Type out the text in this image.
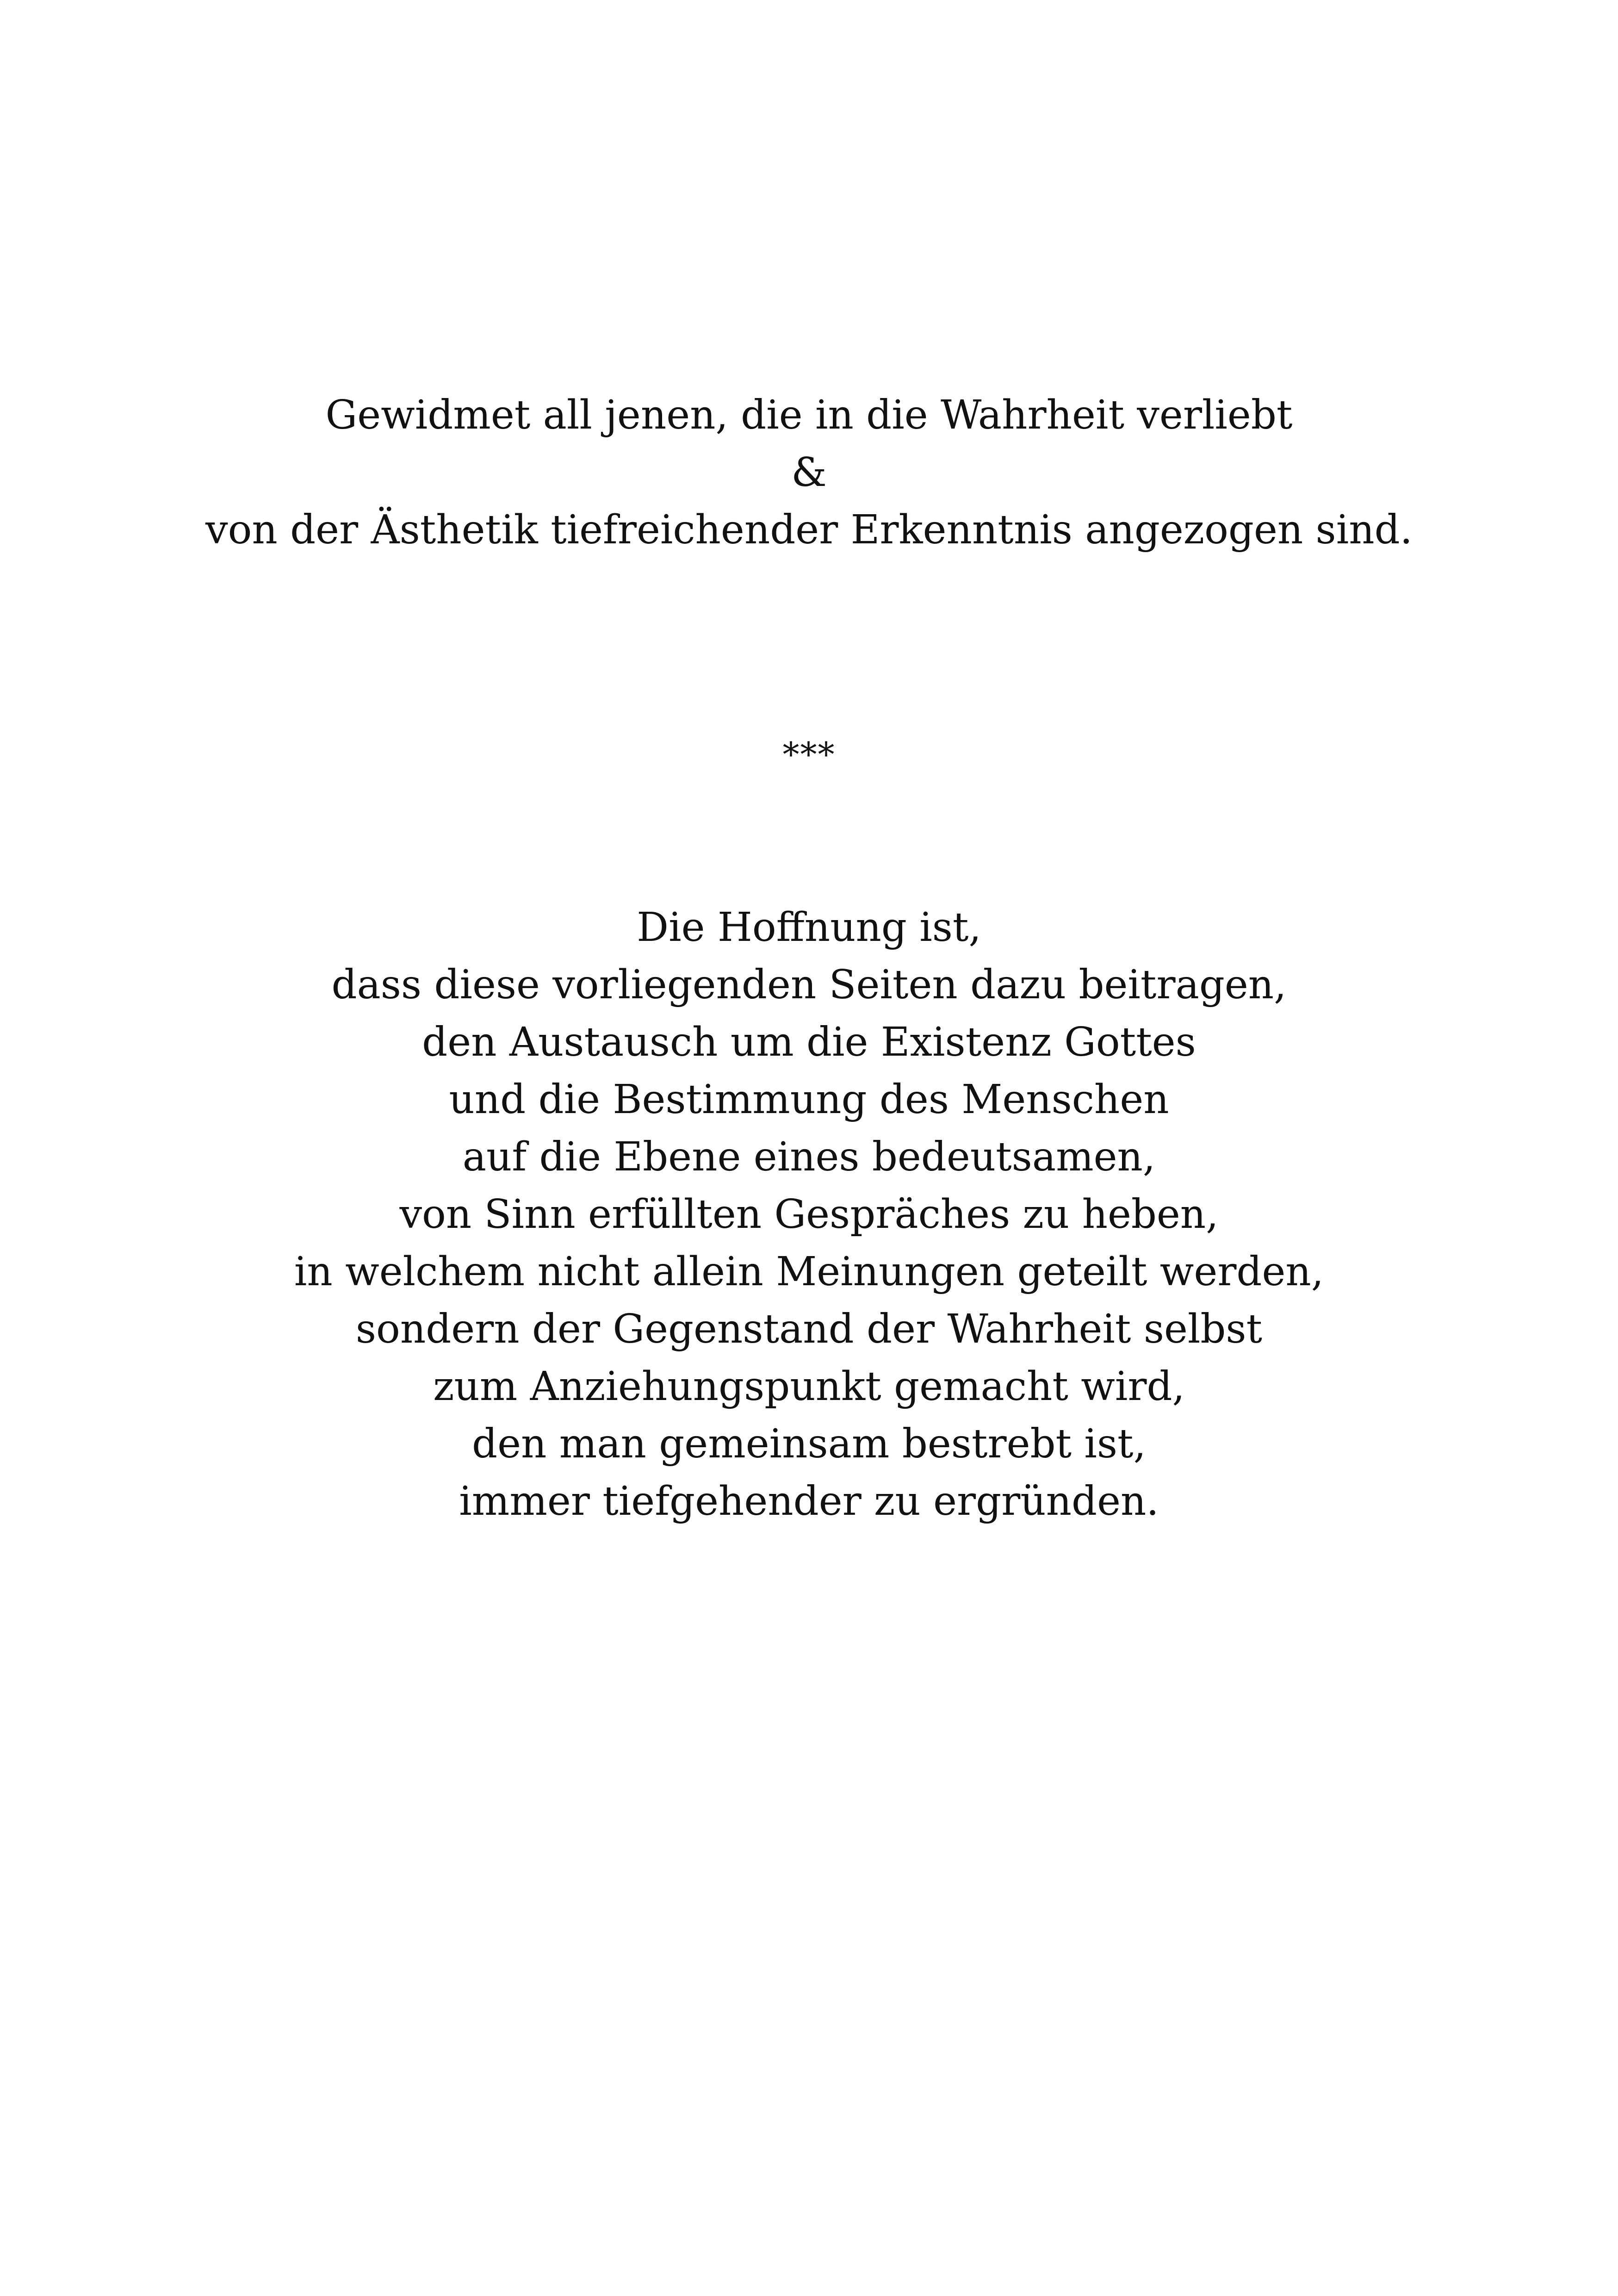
Gewidmet all jenen, die in die Wahrheit verliebt
&
von der Ästhetik tiefreichender Erkenntnis angezogen sind.
***
Die Hoffnung ist,
dass diese vorliegenden Seiten dazu beitragen,
den Austausch um die Existenz Gottes
und die Bestimmung des Menschen
auf die Ebene eines bedeutsamen,
von Sinn erfüllten Gespräches zu heben,
in welchem nicht allein Meinungen geteilt werden,
sondern der Gegenstand der Wahrheit selbst
zum Anziehungspunkt gemacht wird,
den man gemeinsam bestrebt ist,
immer tiefgehender zu ergründen.
